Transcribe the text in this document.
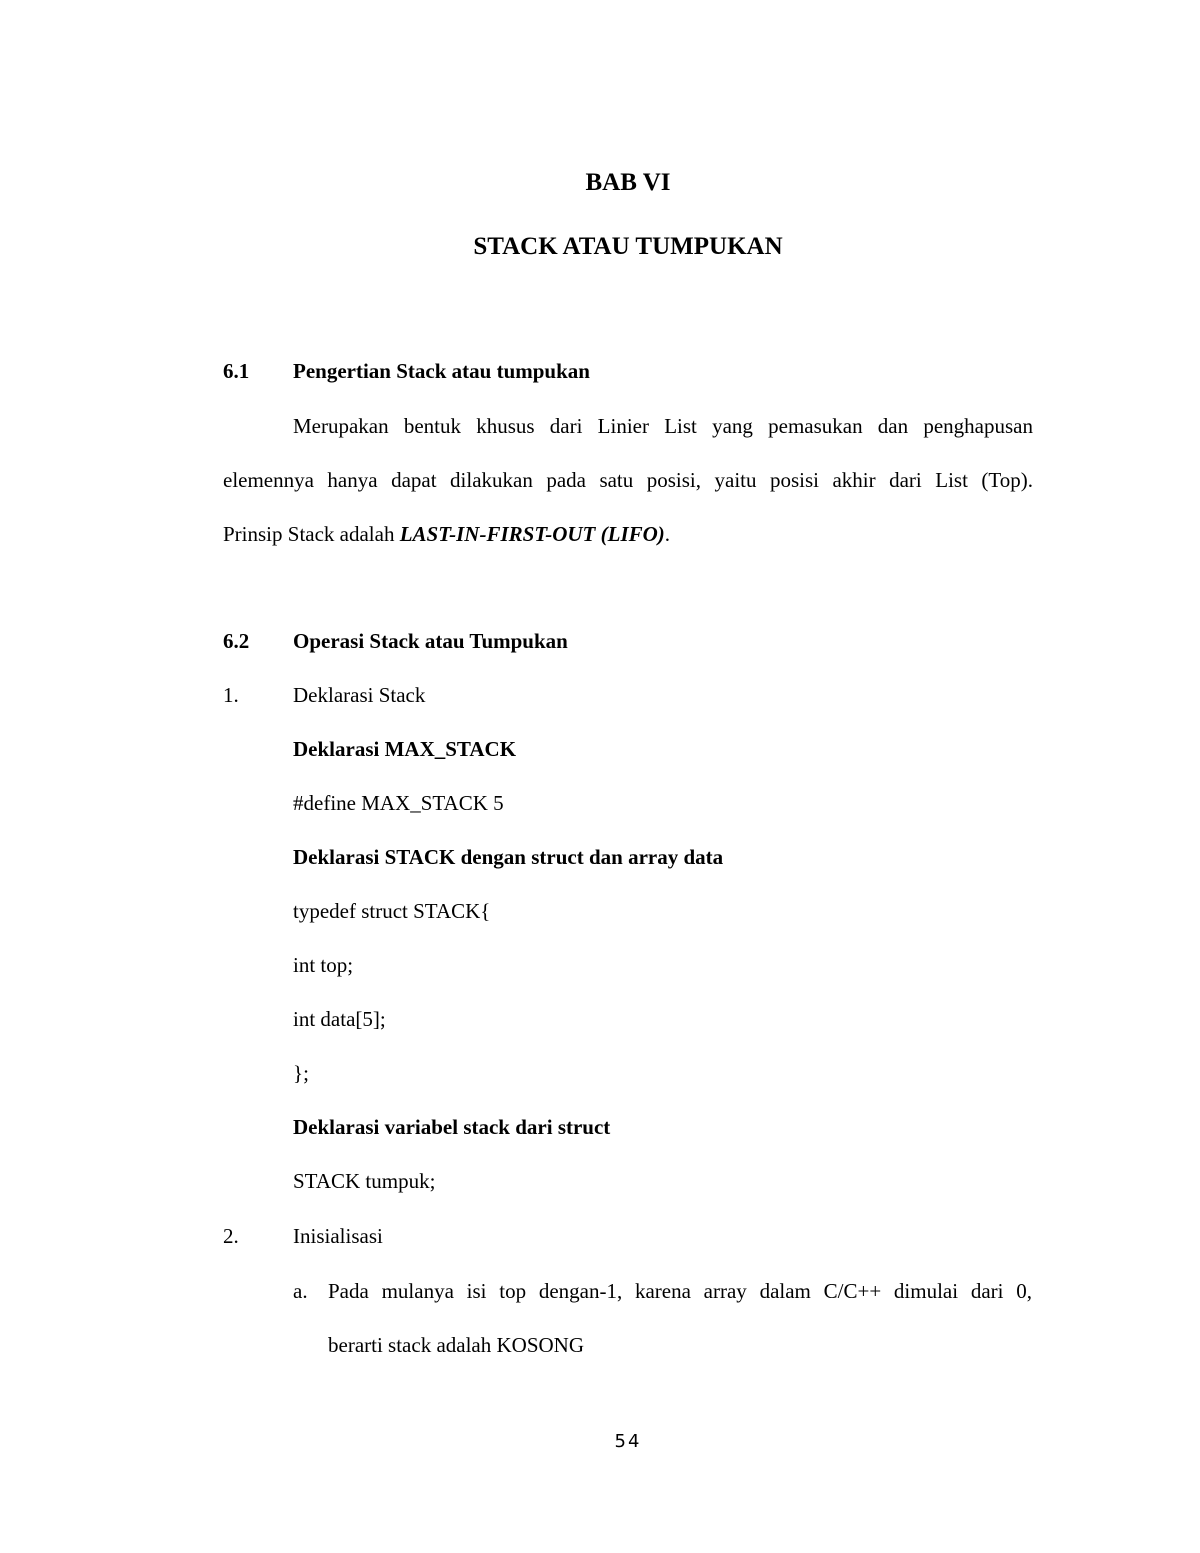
BAB VI
STACK ATAU TUMPUKAN
6.1 Pengertian Stack atau tumpukan
Merupakan bentuk khusus dari Linier List yang pemasukan dan penghapusan
elemennya hanya dapat dilakukan pada satu posisi, yaitu posisi akhir dari List (Top).
Prinsip Stack adalah LAST-IN-FIRST-OUT (LIFO).
6.2 Operasi Stack atau Tumpukan
1.	Deklarasi Stack
Deklarasi MAX_STACK
#define MAX_STACK 5
Deklarasi STACK dengan struct dan array data
typedef struct STACK{
int top;
int data[5];
};
Deklarasi variabel stack dari struct
STACK tumpuk;
2.	Inisialisasi
a. Pada mulanya isi top dengan-1, karena array dalam C/C++ dimulai dari 0,
berarti stack adalah KOSONG
54
